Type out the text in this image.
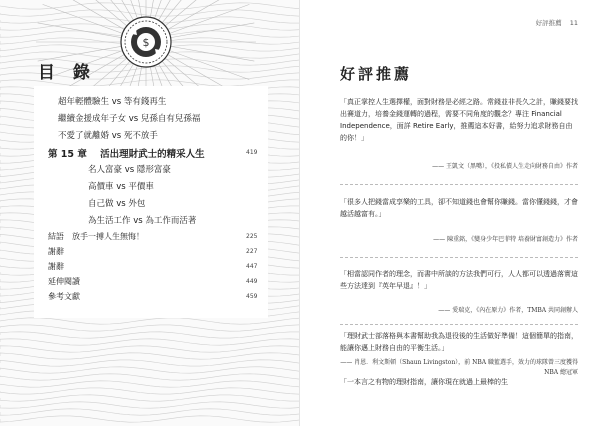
$
目 錄
超年輕體驗生 vs 等有錢再生
繼續金援成年子女 vs 兒孫自有兒孫福
不愛了就離婚 vs 死不放手
第 15 章 活出理財武士的精采人生	419
名人富豪 vs 隱形富豪
高價車 vs 平價車
自己做 vs 外包
為生活工作 vs 為工作而活著
結語　放手一搏人生無悔！	225
謝辭	227
謝辭	447
延伸閱讀	449
參考文獻	459
好評推薦 11
好評推薦
「真正掌控人生選擇權，面對財務是必經之路。常錢並非長久之計，賺錢要找出賽道力，培養金錢運轉的過程，需要不同角度的觀念？專注 Financial Independence，面詳 Retire Early，推薦這本好書，給努力追求財務自由的你！」
—— 王凱文（黑嘴），《投私債人生走向財務自由》作者
「很多人把錢當成享樂的工具，卻不知道錢也會幫你賺錢。當你懂錢錢，才會越活越富有。」
—— 陳重銘，《變身少年巴菲特 培養財富創造力》作者
「相當認同作者的理念，而書中所談的方法我們可行，人人都可以透過落實這些方法達到『英年早退』！」
—— 愛瑞克，《內在原力》作者，TMBA 共同創辦人
「理財武士部落格與本書幫助我為退役後的生活做好準備！這個簡單的指南，能讓你邁上財務自由的平衡生活。」
—— 肖恩．利文斯頓（Shaun Livingston），前 NBA 職籃選手，效力的球隊曾三度獲得 NBA 總冠軍
「一本言之有物的理財指南，讓你現在就過上最棒的生
